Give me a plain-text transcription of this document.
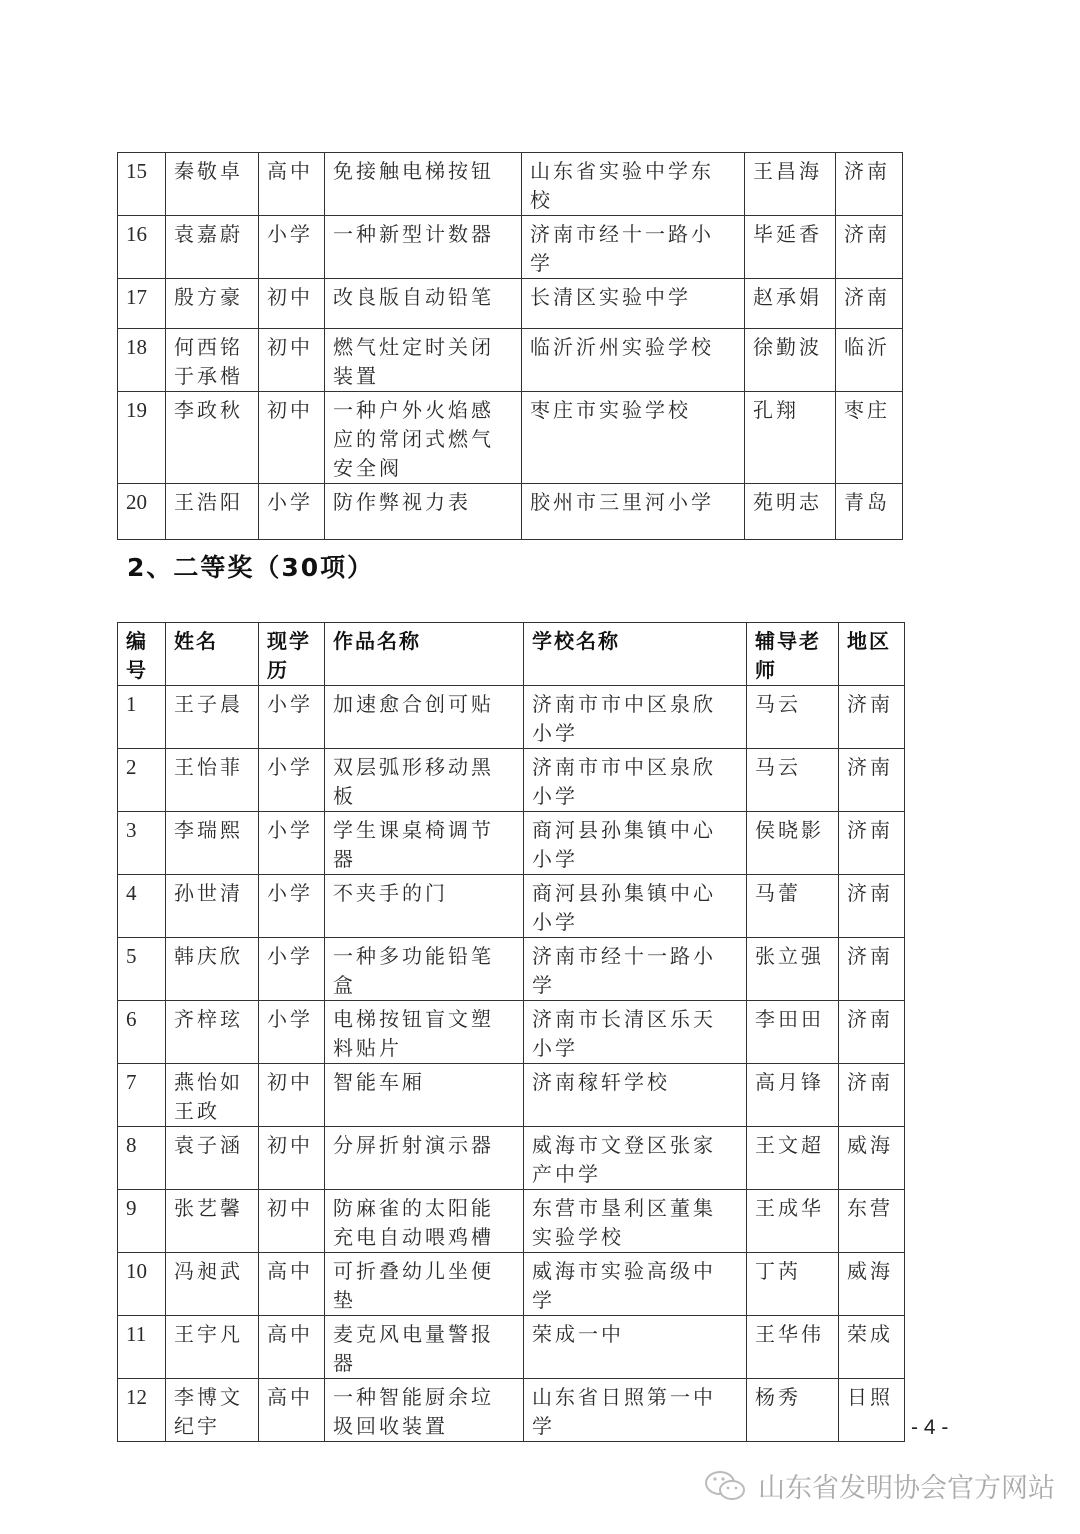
15	秦敬卓	高中	免接触电梯按钮	山东省实验中学东校	王昌海	济南
16	袁嘉蔚	小学	一种新型计数器	济南市经十一路小学	毕延香	济南
17	殷方豪	初中	改良版自动铅笔	长清区实验中学	赵承娟	济南
18	何西铭 于承楷	初中	燃气灶定时关闭装置	临沂沂州实验学校	徐勤波	临沂
19	李政秋	初中	一种户外火焰感应的常闭式燃气安全阀	枣庄市实验学校	孔翔	枣庄
20	王浩阳	小学	防作弊视力表	胶州市三里河小学	苑明志	青岛
2、二等奖（30项）
编号	姓名	现学历	作品名称	学校名称	辅导老师	地区
1	王子晨	小学	加速愈合创可贴	济南市市中区泉欣小学	马云	济南
2	王怡菲	小学	双层弧形移动黑板	济南市市中区泉欣小学	马云	济南
3	李瑞熙	小学	学生课桌椅调节器	商河县孙集镇中心小学	侯晓影	济南
4	孙世清	小学	不夹手的门	商河县孙集镇中心小学	马蕾	济南
5	韩庆欣	小学	一种多功能铅笔盒	济南市经十一路小学	张立强	济南
6	齐梓玹	小学	电梯按钮盲文塑料贴片	济南市长清区乐天小学	李田田	济南
7	燕怡如 王政	初中	智能车厢	济南稼轩学校	高月锋	济南
8	袁子涵	初中	分屏折射演示器	威海市文登区张家产中学	王文超	威海
9	张艺馨	初中	防麻雀的太阳能充电自动喂鸡槽	东营市垦利区董集实验学校	王成华	东营
10	冯昶武	高中	可折叠幼儿坐便垫	威海市实验高级中学	丁芮	威海
11	王宇凡	高中	麦克风电量警报器	荣成一中	王华伟	荣成
12	李博文 纪宇	高中	一种智能厨余垃圾回收装置	山东省日照第一中学	杨秀	日照
- 4 -
山东省发明协会官方网站
